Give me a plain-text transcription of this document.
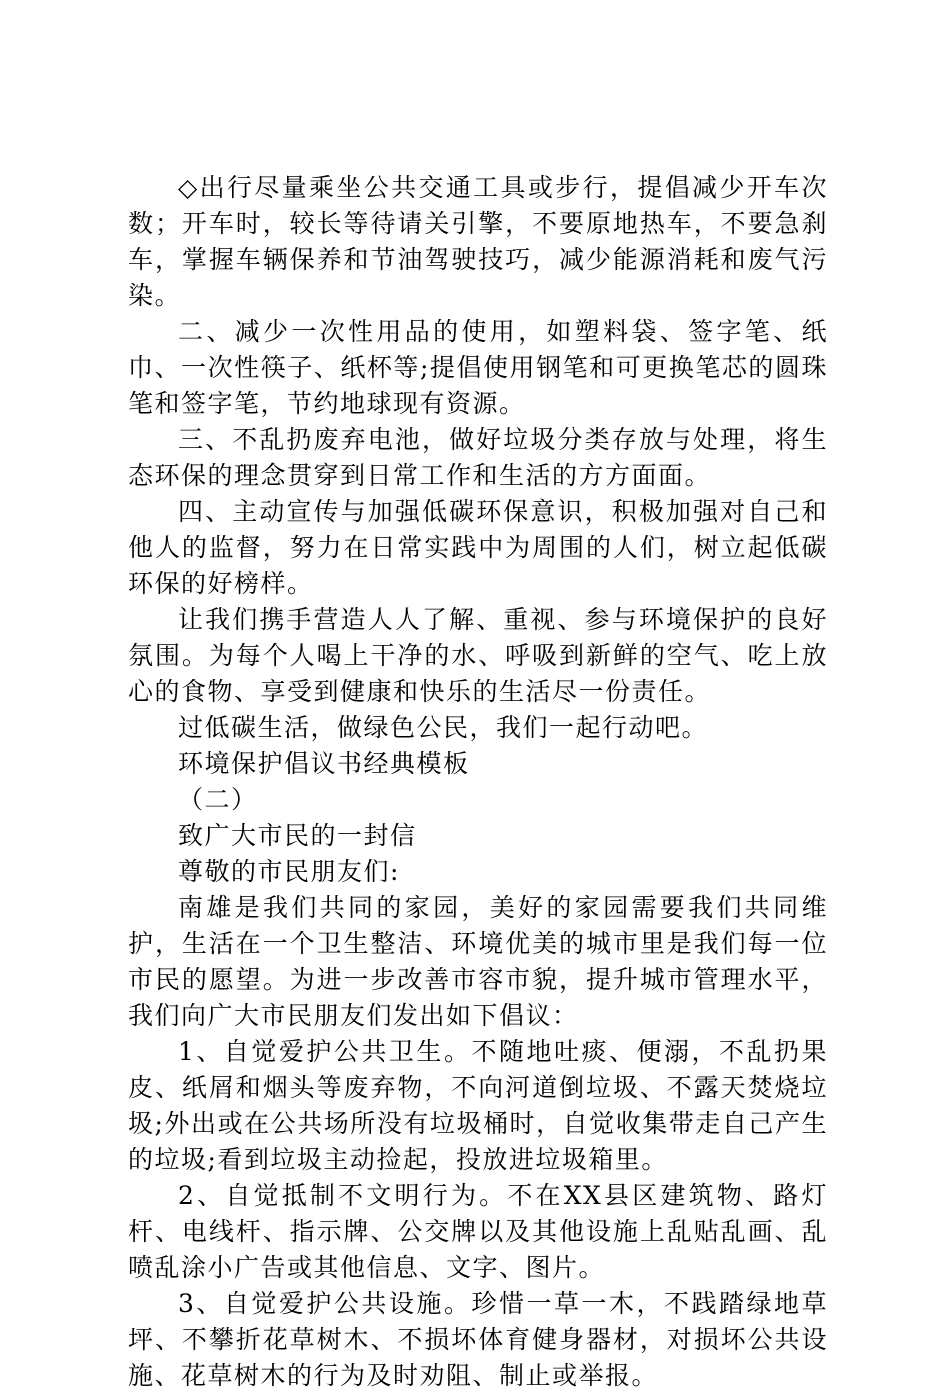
◇出行尽量乘坐公共交通工具或步行，提倡减少开车次数；开车时，较长等待请关引擎，不要原地热车，不要急刹车，掌握车辆保养和节油驾驶技巧，减少能源消耗和废气污染。

二、减少一次性用品的使用，如塑料袋、签字笔、纸巾、一次性筷子、纸杯等;提倡使用钢笔和可更换笔芯的圆珠笔和签字笔，节约地球现有资源。

三、不乱扔废弃电池，做好垃圾分类存放与处理，将生态环保的理念贯穿到日常工作和生活的方方面面。

四、主动宣传与加强低碳环保意识，积极加强对自己和他人的监督，努力在日常实践中为周围的人们，树立起低碳环保的好榜样。

让我们携手营造人人了解、重视、参与环境保护的良好氛围。为每个人喝上干净的水、呼吸到新鲜的空气、吃上放心的食物、享受到健康和快乐的生活尽一份责任。

过低碳生活，做绿色公民，我们一起行动吧。

环境保护倡议书经典模板

（二）

致广大市民的一封信

尊敬的市民朋友们:

南雄是我们共同的家园，美好的家园需要我们共同维护，生活在一个卫生整洁、环境优美的城市里是我们每一位市民的愿望。为进一步改善市容市貌，提升城市管理水平，我们向广大市民朋友们发出如下倡议：

1、自觉爱护公共卫生。不随地吐痰、便溺，不乱扔果皮、纸屑和烟头等废弃物，不向河道倒垃圾、不露天焚烧垃圾;外出或在公共场所没有垃圾桶时，自觉收集带走自己产生的垃圾;看到垃圾主动捡起，投放进垃圾箱里。

2、自觉抵制不文明行为。不在XX县区建筑物、路灯杆、电线杆、指示牌、公交牌以及其他设施上乱贴乱画、乱喷乱涂小广告或其他信息、文字、图片。

3、自觉爱护公共设施。珍惜一草一木，不践踏绿地草坪、不攀折花草树木、不损坏体育健身器材，对损坏公共设施、花草树木的行为及时劝阻、制止或举报。
